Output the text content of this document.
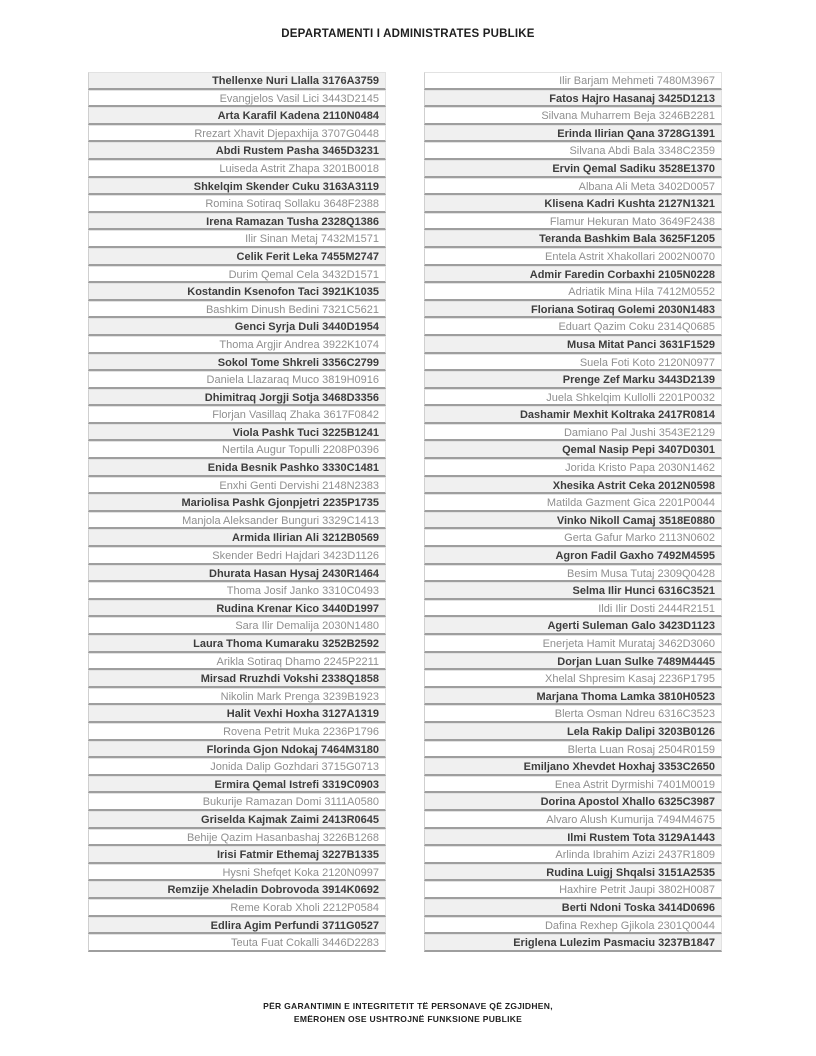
DEPARTAMENTI I ADMINISTRATES PUBLIKE
Thellenxe Nuri Llalla 3176A3759
Evangjelos Vasil Lici 3443D2145
Arta Karafil Kadena 2110N0484
Rrezart Xhavit Djepaxhija 3707G0448
Abdi Rustem Pasha 3465D3231
Luiseda Astrit Zhapa 3201B0018
Shkelqim Skender Cuku 3163A3119
Romina Sotiraq Sollaku 3648F2388
Irena Ramazan Tusha 2328Q1386
Ilir Sinan Metaj 7432M1571
Celik Ferit Leka 7455M2747
Durim Qemal Cela 3432D1571
Kostandin Ksenofon Taci 3921K1035
Bashkim Dinush Bedini 7321C5621
Genci Syrja Duli 3440D1954
Thoma Argjir Andrea 3922K1074
Sokol Tome Shkreli 3356C2799
Daniela Llazaraq Muco 3819H0916
Dhimitraq Jorgji Sotja 3468D3356
Florjan Vasillaq Zhaka 3617F0842
Viola Pashk Tuci 3225B1241
Nertila Augur Topulli 2208P0396
Enida Besnik Pashko 3330C1481
Enxhi Genti Dervishi 2148N2383
Mariolisa Pashk Gjonpjetri 2235P1735
Manjola Aleksander Bunguri 3329C1413
Armida Ilirian Ali 3212B0569
Skender Bedri Hajdari 3423D1126
Dhurata Hasan Hysaj 2430R1464
Thoma Josif Janko 3310C0493
Rudina Krenar Kico 3440D1997
Sara Ilir Demalija 2030N1480
Laura Thoma Kumaraku 3252B2592
Arikla Sotiraq Dhamo 2245P2211
Mirsad Rruzhdi Vokshi 2338Q1858
Nikolin Mark Prenga 3239B1923
Halit Vexhi Hoxha 3127A1319
Rovena Petrit Muka 2236P1796
Florinda Gjon Ndokaj 7464M3180
Jonida Dalip Gozhdari 3715G0713
Ermira Qemal Istrefi 3319C0903
Bukurije Ramazan Domi 3111A0580
Griselda Kajmak Zaimi 2413R0645
Behije Qazim Hasanbashaj 3226B1268
Irisi Fatmir Ethemaj 3227B1335
Hysni Shefqet Koka 2120N0997
Remzije Xheladin Dobrovoda 3914K0692
Reme Korab Xholi 2212P0584
Edlira Agim Perfundi 3711G0527
Teuta Fuat Cokalli 3446D2283
Ilir Barjam Mehmeti 7480M3967
Fatos Hajro Hasanaj 3425D1213
Silvana Muharrem Beja 3246B2281
Erinda Ilirian Qana 3728G1391
Silvana Abdi Bala 3348C2359
Ervin Qemal Sadiku 3528E1370
Albana Ali Meta 3402D0057
Klisena Kadri Kushta 2127N1321
Flamur Hekuran Mato 3649F2438
Teranda Bashkim Bala 3625F1205
Entela Astrit Xhakollari 2002N0070
Admir Faredin Corbaxhi 2105N0228
Adriatik Mina Hila 7412M0552
Floriana Sotiraq Golemi 2030N1483
Eduart Qazim Coku 2314Q0685
Musa Mitat Panci 3631F1529
Suela Foti Koto 2120N0977
Prenge Zef Marku 3443D2139
Juela Shkelqim Kullolli 2201P0032
Dashamir Mexhit Koltraka 2417R0814
Damiano Pal Jushi 3543E2129
Qemal Nasip Pepi 3407D0301
Jorida Kristo Papa 2030N1462
Xhesika Astrit Ceka 2012N0598
Matilda Gazment Gica 2201P0044
Vinko Nikoll Camaj 3518E0880
Gerta Gafur Marko 2113N0602
Agron Fadil Gaxho 7492M4595
Besim Musa Tutaj 2309Q0428
Selma Ilir Hunci 6316C3521
Ildi Ilir Dosti 2444R2151
Agerti Suleman Galo 3423D1123
Enerjeta Hamit Murataj 3462D3060
Dorjan Luan Sulke 7489M4445
Xhelal Shpresim Kasaj 2236P1795
Marjana Thoma Lamka 3810H0523
Blerta Osman Ndreu 6316C3523
Lela Rakip Dalipi 3203B0126
Blerta Luan Rosaj 2504R0159
Emiljano Xhevdet Hoxhaj 3353C2650
Enea Astrit Dyrmishi 7401M0019
Dorina Apostol Xhallo 6325C3987
Alvaro Alush Kumurija 7494M4675
Ilmi Rustem Tota 3129A1443
Arlinda Ibrahim Azizi 2437R1809
Rudina Luigj Shqalsi 3151A2535
Haxhire Petrit Jaupi 3802H0087
Berti Ndoni Toska 3414D0696
Dafina Rexhep Gjikola 2301Q0044
Eriglena Lulezim Pasmaciu 3237B1847
PËR GARANTIMIN E INTEGRITETIT TË PERSONAVE QË ZGJIDHEN,
EMËROHEN OSE USHTROJNË FUNKSIONE PUBLIKE
